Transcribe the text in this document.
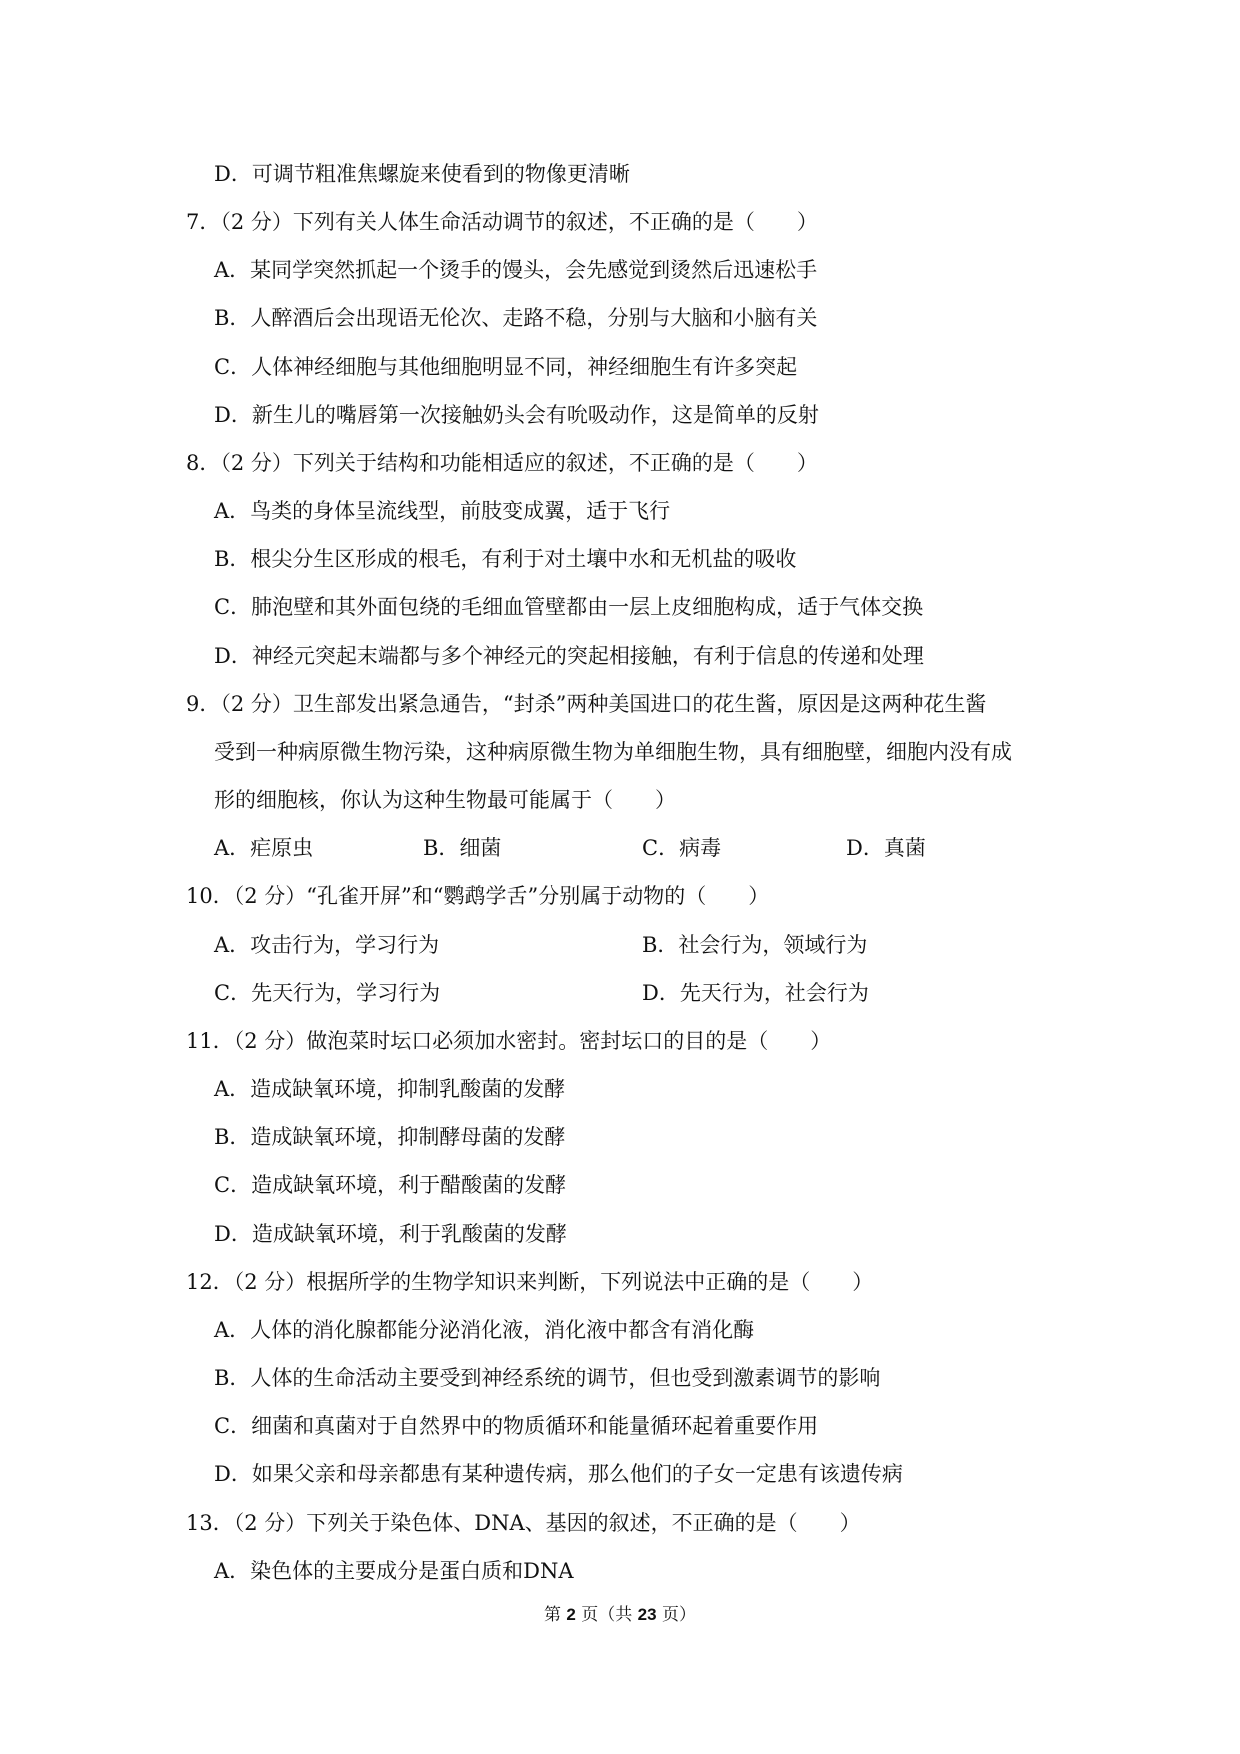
D．可调节粗准焦螺旋来使看到的物像更清晰
7．（2 分）下列有关人体生命活动调节的叙述，不正确的是（　　）
A．某同学突然抓起一个烫手的馒头，会先感觉到烫然后迅速松手
B．人醉酒后会出现语无伦次、走路不稳，分别与大脑和小脑有关
C．人体神经细胞与其他细胞明显不同，神经细胞生有许多突起
D．新生儿的嘴唇第一次接触奶头会有吮吸动作，这是简单的反射
8．（2 分）下列关于结构和功能相适应的叙述，不正确的是（　　）
A．鸟类的身体呈流线型，前肢变成翼，适于飞行
B．根尖分生区形成的根毛，有利于对土壤中水和无机盐的吸收
C．肺泡壁和其外面包绕的毛细血管壁都由一层上皮细胞构成，适于气体交换
D．神经元突起末端都与多个神经元的突起相接触，有利于信息的传递和处理
9．（2 分）卫生部发出紧急通告，“封杀”两种美国进口的花生酱，原因是这两种花生酱
受到一种病原微生物污染，这种病原微生物为单细胞生物，具有细胞壁，细胞内没有成
形的细胞核，你认为这种生物最可能属于（　　）
A．疟原虫	B．细菌	C．病毒	D．真菌
10．（2 分）“孔雀开屏”和“鹦鹉学舌”分别属于动物的（　　）
A．攻击行为，学习行为	B．社会行为，领域行为
C．先天行为，学习行为	D．先天行为，社会行为
11．（2 分）做泡菜时坛口必须加水密封。密封坛口的目的是（　　）
A．造成缺氧环境，抑制乳酸菌的发酵
B．造成缺氧环境，抑制酵母菌的发酵
C．造成缺氧环境，利于醋酸菌的发酵
D．造成缺氧环境，利于乳酸菌的发酵
12．（2 分）根据所学的生物学知识来判断，下列说法中正确的是（　　）
A．人体的消化腺都能分泌消化液，消化液中都含有消化酶
B．人体的生命活动主要受到神经系统的调节，但也受到激素调节的影响
C．细菌和真菌对于自然界中的物质循环和能量循环起着重要作用
D．如果父亲和母亲都患有某种遗传病，那么他们的子女一定患有该遗传病
13．（2 分）下列关于染色体、DNA、基因的叙述，不正确的是（　　）
A．染色体的主要成分是蛋白质和DNA
第 2 页（共 23 页）
